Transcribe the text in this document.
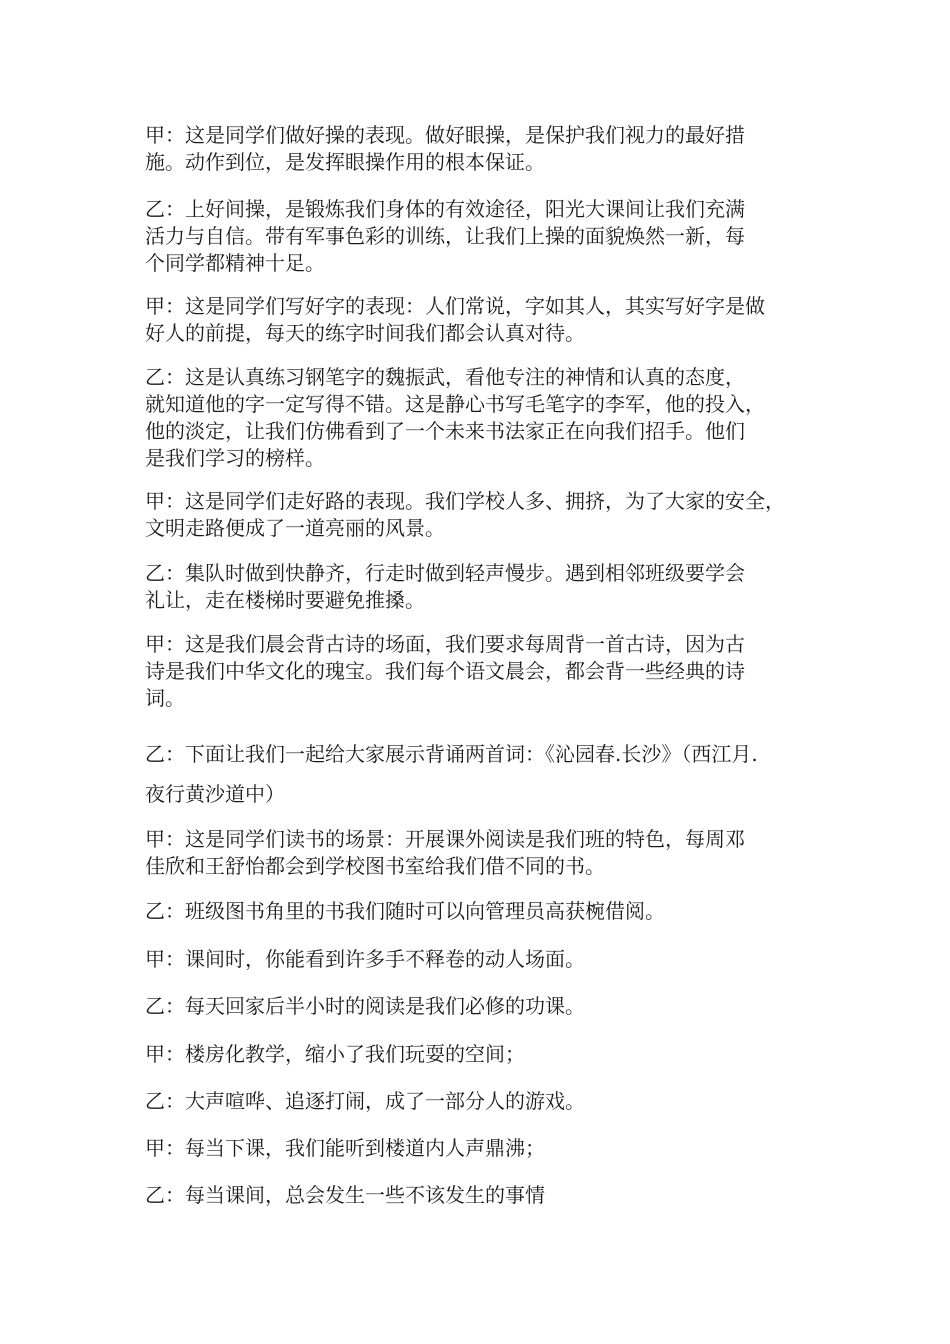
甲：这是同学们做好操的表现。做好眼操，是保护我们视力的最好措
施。动作到位，是发挥眼操作用的根本保证。

乙：上好间操，是锻炼我们身体的有效途径，阳光大课间让我们充满
活力与自信。带有军事色彩的训练，让我们上操的面貌焕然一新，每
个同学都精神十足。

甲：这是同学们写好字的表现：人们常说，字如其人，其实写好字是做
好人的前提，每天的练字时间我们都会认真对待。

乙：这是认真练习钢笔字的魏振武，看他专注的神情和认真的态度，
就知道他的字一定写得不错。这是静心书写毛笔字的李军，他的投入，
他的淡定，让我们仿佛看到了一个未来书法家正在向我们招手。他们
是我们学习的榜样。

甲：这是同学们走好路的表现。我们学校人多、拥挤，为了大家的安全，
文明走路便成了一道亮丽的风景。

乙：集队时做到快静齐，行走时做到轻声慢步。遇到相邻班级要学会
礼让，走在楼梯时要避免推搡。

甲：这是我们晨会背古诗的场面，我们要求每周背一首古诗，因为古
诗是我们中华文化的瑰宝。我们每个语文晨会，都会背一些经典的诗
词。

乙：下面让我们一起给大家展示背诵两首词：《沁园春.长沙》（西江月.
夜行黄沙道中）

甲：这是同学们读书的场景：开展课外阅读是我们班的特色，每周邓
佳欣和王舒怡都会到学校图书室给我们借不同的书。

乙：班级图书角里的书我们随时可以向管理员高获椀借阅。

甲：课间时，你能看到许多手不释卷的动人场面。

乙：每天回家后半小时的阅读是我们必修的功课。

甲：楼房化教学，缩小了我们玩耍的空间；

乙：大声喧哗、追逐打闹，成了一部分人的游戏。

甲：每当下课，我们能听到楼道内人声鼎沸；

乙：每当课间，总会发生一些不该发生的事情
